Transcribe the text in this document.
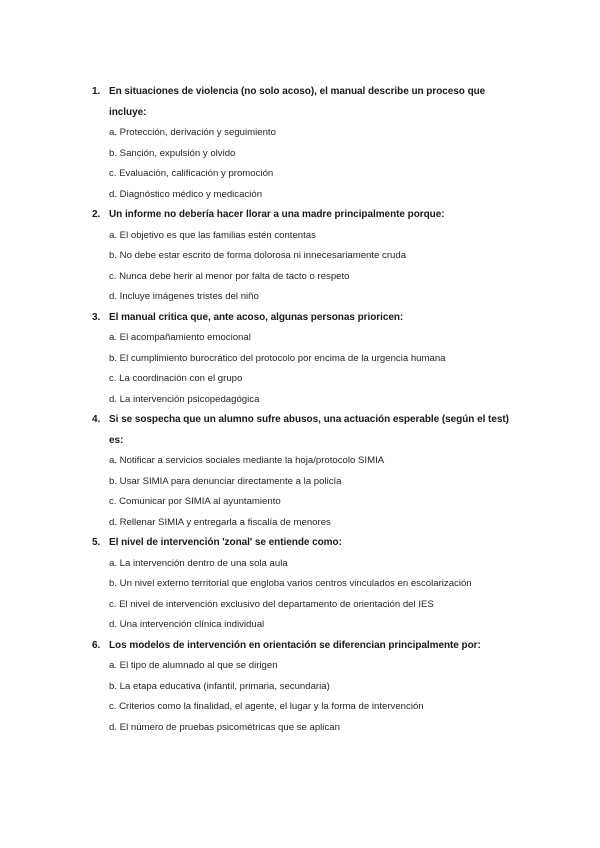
1. En situaciones de violencia (no solo acoso), el manual describe un proceso que incluye:
a. Protección, derivación y seguimiento
b. Sanción, expulsión y olvido
c. Evaluación, calificación y promoción
d. Diagnóstico médico y medicación
2. Un informe no debería hacer llorar a una madre principalmente porque:
a. El objetivo es que las familias estén contentas
b. No debe estar escrito de forma dolorosa ni innecesariamente cruda
c. Nunca debe herir al menor por falta de tacto o respeto
d. Incluye imágenes tristes del niño
3. El manual critica que, ante acoso, algunas personas prioricen:
a. El acompañamiento emocional
b. El cumplimiento burocrático del protocolo por encima de la urgencia humana
c. La coordinación con el grupo
d. La intervención psicopedagógica
4. Si se sospecha que un alumno sufre abusos, una actuación esperable (según el test) es:
a. Notificar a servicios sociales mediante la hoja/protocolo SIMIA
b. Usar SIMIA para denunciar directamente a la policía
c. Comunicar por SIMIA al ayuntamiento
d. Rellenar SIMIA y entregarla a fiscalía de menores
5. El nivel de intervención 'zonal' se entiende como:
a. La intervención dentro de una sola aula
b. Un nivel externo territorial que engloba varios centros vinculados en escolarización
c. El nivel de intervención exclusivo del departamento de orientación del IES
d. Una intervención clínica individual
6. Los modelos de intervención en orientación se diferencian principalmente por:
a. El tipo de alumnado al que se dirigen
b. La etapa educativa (infantil, primaria, secundaria)
c. Criterios como la finalidad, el agente, el lugar y la forma de intervención
d. El número de pruebas psicométricas que se aplican
